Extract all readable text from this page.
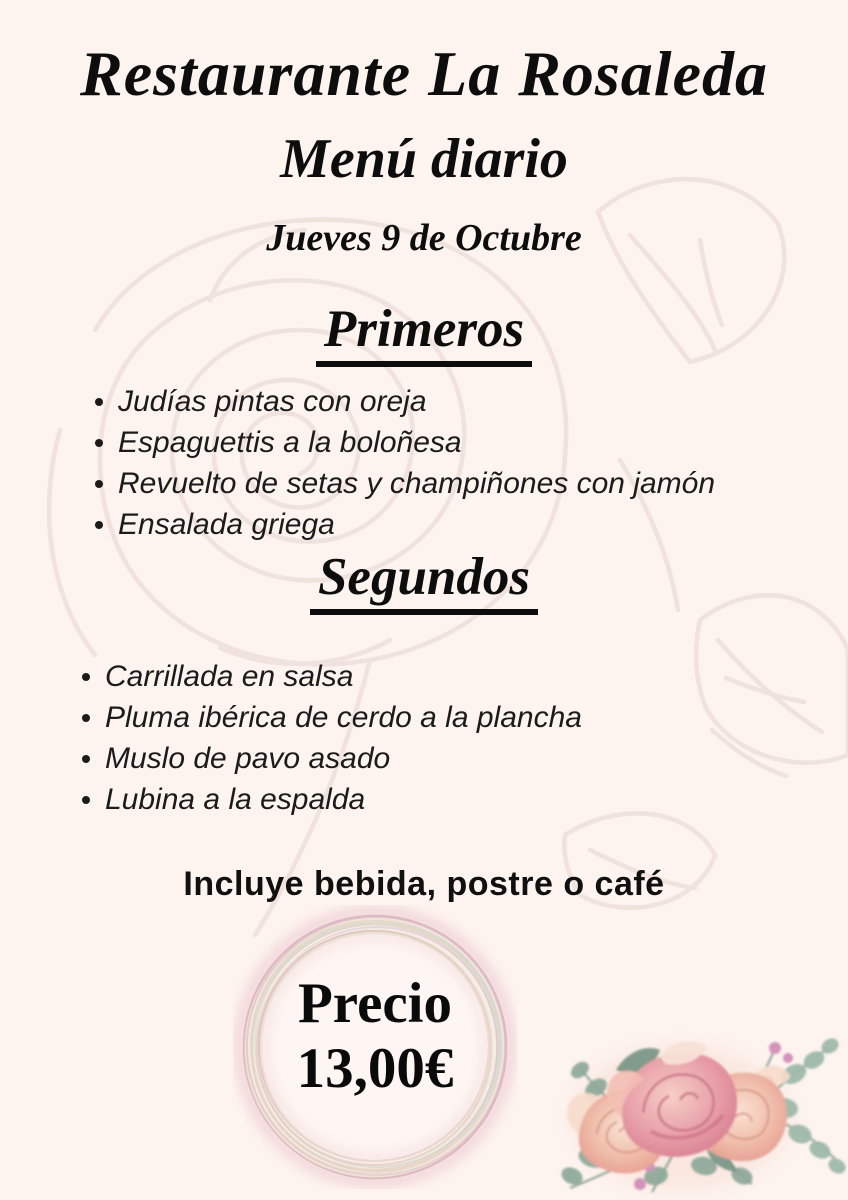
Restaurante La Rosaleda
Menú diario
Jueves 9 de Octubre
Primeros
Judías pintas con oreja
Espaguettis a la boloñesa
Revuelto de setas y champiñones con jamón
Ensalada griega
Segundos
Carrillada en salsa
Pluma ibérica de cerdo a la plancha
Muslo de pavo asado
Lubina a la espalda
Incluye bebida, postre o café
Precio
13,00€
